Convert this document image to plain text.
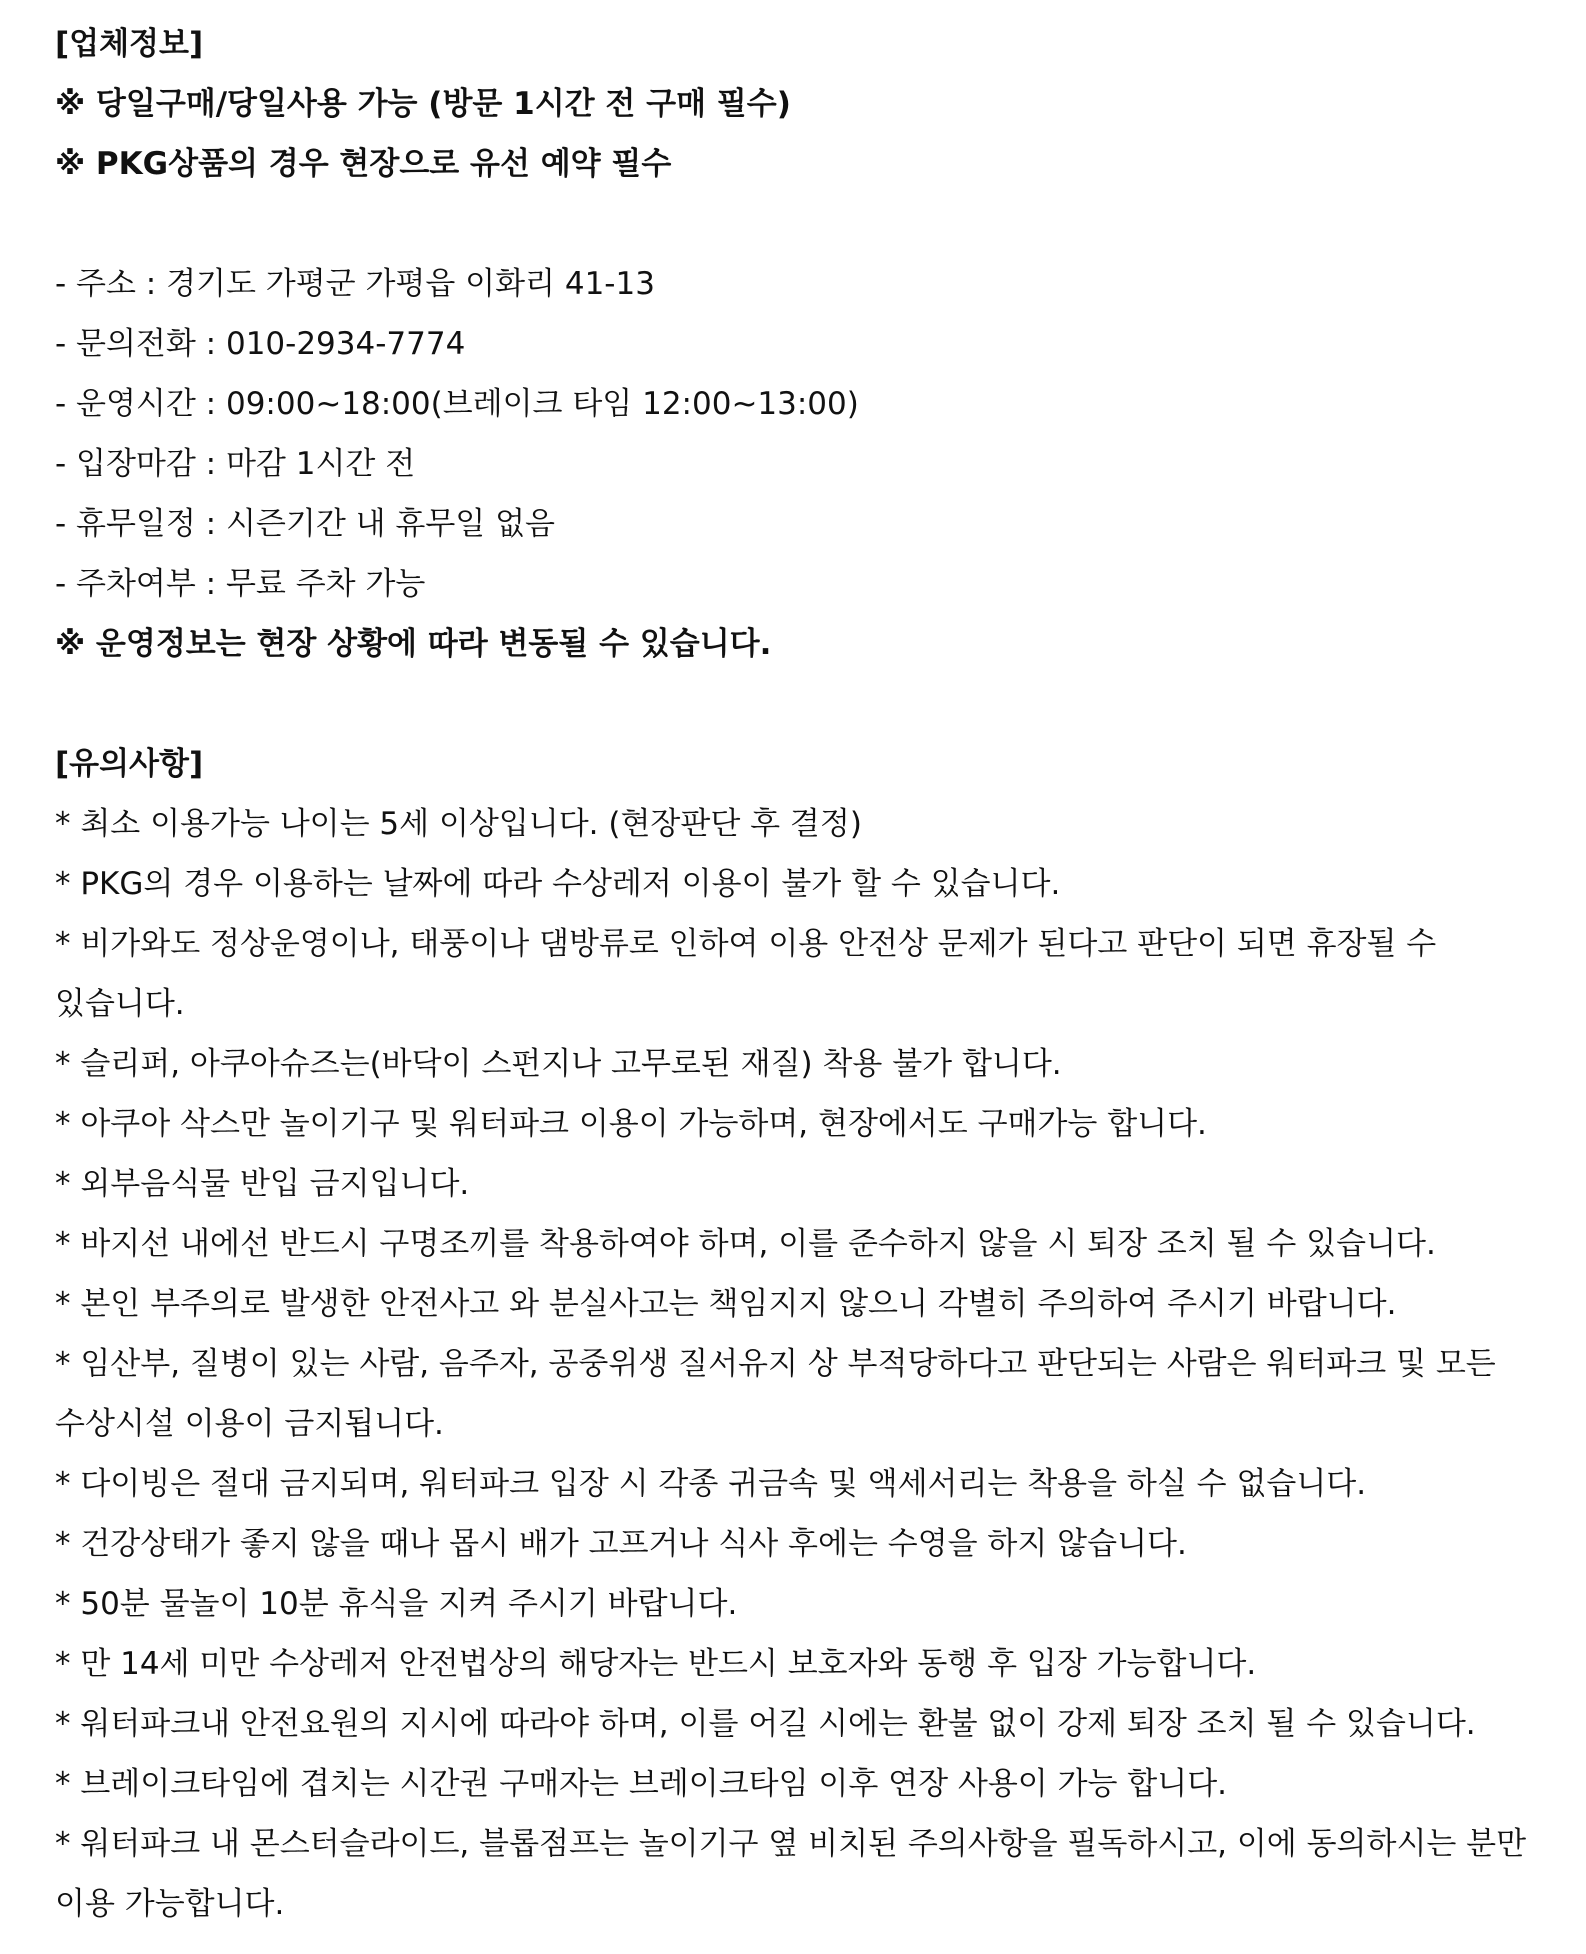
[업체정보]

※ 당일구매/당일사용 가능 (방문 1시간 전 구매 필수)

※ PKG상품의 경우 현장으로 유선 예약 필수

- 주소 : 경기도 가평군 가평읍 이화리 41-13

- 문의전화 : 010-2934-7774

- 운영시간 : 09:00~18:00(브레이크 타임 12:00~13:00)

- 입장마감 : 마감 1시간 전

- 휴무일정 : 시즌기간 내 휴무일 없음

- 주차여부 : 무료 주차 가능

※ 운영정보는 현장 상황에 따라 변동될 수 있습니다.

[유의사항]

* 최소 이용가능 나이는 5세 이상입니다. (현장판단 후 결정)

* PKG의 경우 이용하는 날짜에 따라 수상레저 이용이 불가 할 수 있습니다.

* 비가와도 정상운영이나, 태풍이나 댐방류로 인하여 이용 안전상 문제가 된다고 판단이 되면 휴장될 수 있습니다.

* 슬리퍼, 아쿠아슈즈는(바닥이 스펀지나 고무로된 재질) 착용 불가 합니다.

* 아쿠아 삭스만 놀이기구 및 워터파크 이용이 가능하며, 현장에서도 구매가능 합니다.

* 외부음식물 반입 금지입니다.

* 바지선 내에선 반드시 구명조끼를 착용하여야 하며, 이를 준수하지 않을 시 퇴장 조치 될 수 있습니다.

* 본인 부주의로 발생한 안전사고 와 분실사고는 책임지지 않으니 각별히 주의하여 주시기 바랍니다.

* 임산부, 질병이 있는 사람, 음주자, 공중위생 질서유지 상 부적당하다고 판단되는 사람은 워터파크 및 모든 수상시설 이용이 금지됩니다.

* 다이빙은 절대 금지되며, 워터파크 입장 시 각종 귀금속 및 액세서리는 착용을 하실 수 없습니다.

* 건강상태가 좋지 않을 때나 몹시 배가 고프거나 식사 후에는 수영을 하지 않습니다.

* 50분 물놀이 10분 휴식을 지켜 주시기 바랍니다.

* 만 14세 미만 수상레저 안전법상의 해당자는 반드시 보호자와 동행 후 입장 가능합니다.

* 워터파크내 안전요원의 지시에 따라야 하며, 이를 어길 시에는 환불 없이 강제 퇴장 조치 될 수 있습니다.

* 브레이크타임에 겹치는 시간권 구매자는 브레이크타임 이후 연장 사용이 가능 합니다.

* 워터파크 내 몬스터슬라이드, 블롭점프는 놀이기구 옆 비치된 주의사항을 필독하시고, 이에 동의하시는 분만 이용 가능합니다.
